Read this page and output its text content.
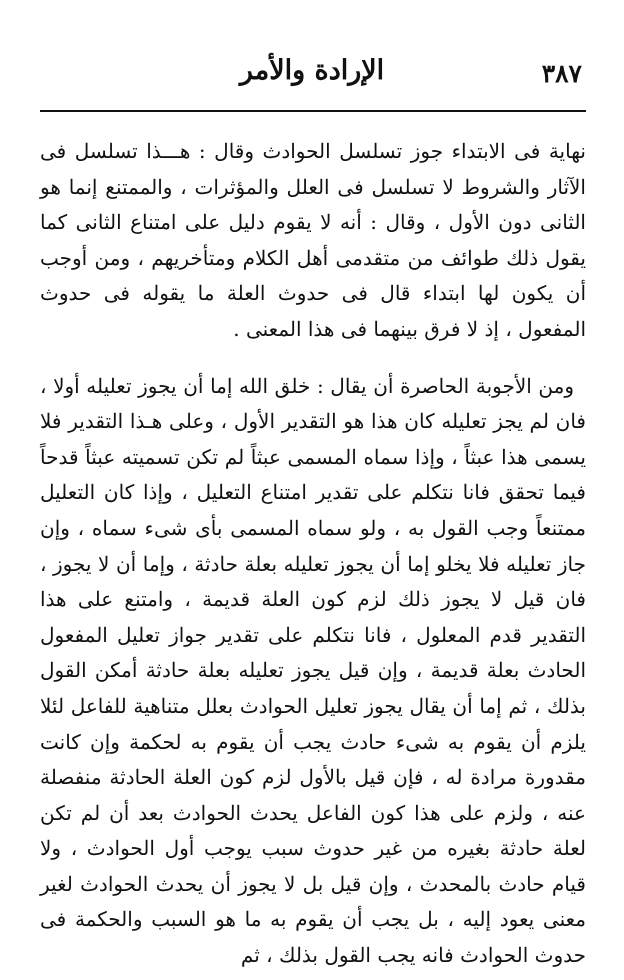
٣٨٧
الإرادة والأمر

نهاية فى الابتداء جوز تسلسل الحوادث وقال : هـــذا تسلسل فى الآثار والشروط لا تسلسل فى العلل والمؤثرات ، والممتنع إنما هو الثانى دون الأول ، وقال : أنه لا يقوم دليل على امتناع الثانى كما يقول ذلك طوائف من متقدمى أهل الكلام ومتأخريهم ، ومن أوجب أن يكون لها ابتداء قال فى حدوث العلة ما يقوله فى حدوث المفعول ، إذ لا فرق بينهما فى هذا المعنى .

ومن الأجوبة الحاصرة أن يقال : خلق الله إما أن يجوز تعليله أولا ، فان لم يجز تعليله كان هذا هو التقدير الأول ، وعلى هـذا التقدير فلا يسمى هذا عبثاً ، وإذا سماه المسمى عبثاً لم تكن تسميته عبثاً قدحاً فيما تحقق فانا نتكلم على تقدير امتناع التعليل ، وإذا كان التعليل ممتنعاً وجب القول به ، ولو سماه المسمى بأى شىء سماه ، وإن جاز تعليله فلا يخلو إما أن يجوز تعليله بعلة حادثة ، وإما أن لا يجوز ، فان قيل لا يجوز ذلك لزم كون العلة قديمة ، وامتنع على هذا التقدير قدم المعلول ، فانا نتكلم على تقدير جواز تعليل المفعول الحادث بعلة قديمة ، وإن قيل يجوز تعليله بعلة حادثة أمكن القول بذلك ، ثم إما أن يقال يجوز تعليل الحوادث بعلل متناهية للفاعل لئلا يلزم أن يقوم به شىء حادث يجب أن يقوم به لحكمة وإن كانت مقدورة مرادة له ، فإن قيل بالأول لزم كون العلة الحادثة منفصلة عنه ، ولزم على هذا كون الفاعل يحدث الحوادث بعد أن لم تكن لعلة حادثة بغيره من غير حدوث سبب يوجب أول الحوادث ، ولا قيام حادث بالمحدث ، وإن قيل بل لا يجوز أن يحدث الحوادث لغير معنى يعود إليه ، بل يجب أن يقوم به ما هو السبب والحكمة فى حدوث الحوادث فانه يجب القول بذلك ، ثم
